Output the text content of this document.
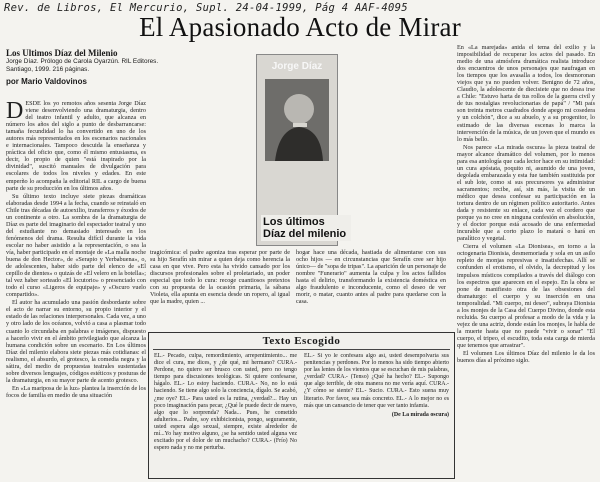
Rev. de Libros, El Mercurio, Supl. 24-04-1999, Pág 4 AAF-4095
El Apasionado Acto de Mirar
Los Ultimos Díaz del Milenio
Jorge Díaz. Prólogo de Carola Oyarzún. RIL Editores.
Santiago, 1999. 216 páginas.
por Mario Valdovinos

DESDE los yo remotos años sesenta Jorge Díaz viene desenvolviendo una dramaturgia, dentro del teatro infantil y adulto, que alcanza en número los años del siglo a punto de desbarrancarse: tamaña fecundidad lo ha convertido en uno de los autores más representados en los escenarios nacionales e internacionales. Tampoco descuida la enseñanza y práctica del oficio que, como él mismo entusiasma, es decir, lo propio de quien "está inspirado por la divinidad", suscitó manuales de divulgación para escolares de todos los niveles y edades. En este emperño lo acompaña la editorial RIL a cargo de buena parte de su producción en los últimos años.

Su último texto incluye siete piezas dramáticas elaboradas desde 1994 a la fecha, cuando se reinstaló en Chile tras décadas de autoexilio, transferros y éxodos de un continente a otro. La sombra de la dramaturgia de Díaz es parte del imaginario del espectador teatral y uno del estudiante no demasiado interesado en los fenómenos del drama. Resulta difícil durante la vida escolar no haber asistido a la representación, o sea la vía, haber participado en el montaje de «La malla noche buena de don Hector», de «Serapio y Yerbabuena», o, de adolescentes, haber sido parte del elenco de «El cepillo de dientes» o quizás de «El velero en la botella»; tal vez haber sorteado «El locutorio» o presenciado con todo el curso «Ligeros de equipaje» y «Oscuro vuelo compartido».

El autor ha acumulado una pasión desbordante sobre el acto de narrar su entorno, su propio interior y el estado de las relaciones interpersonales. Cada vez, a uno y otro lado de los océanos, volvió a casa a plasmar todo cuanto lo circundaba en palabras e imágenes, dispuesto a hacerlo vivir en el ámbito privilegiado que alcanza la humana condición sobre un escenario. En Los últimos Díaz del milenio elabora siete piezas más cotidianas: el realismo, el absurdo, el grotesco, la comedia negra y la sátira, del medio de propuestas teatrales sustentadas sobre diversos lenguajes, códigos estéticos y posturas de la dramaturgia, en su mayor parte de acento grotesco.

En «La mariposa de la luz» plantea la inserción de los focos de familia en medio de una situación

Jorge Díaz
Los últimos Díaz del milenio

tragicómica: el padre agoniza tras esperar por parte de su hijo Serafín sin mirar a quien deja como herencia la casa en que vive. Pero esta ha vivido cansado por los discursos profesionales sobre el proletariado, un poder especial que todo lo cura: recoge cuantiosos pretextos con su propuesta de la ocasión primaria, la sábana Violeta, ella apunta en esencia desde un ropero, al igual que la madre, quien ...

hogar hace una década, hastiada de alimentarse con sus ocho hijos — en circunstancias que Serafín cree ser hijo único— de "sopa de tripas". La aparición de un personaje de nombre "Funerario" aumenta la culpa y los actos fallidos hasta el delirio, transformando la existencia doméstica en algo fraudulento e inconducente, como el deseo de ver morir, o matar, cuanto antes al padre para quedarse con la casa.

En «La marejada» anida el tema del exilio y la imposibilidad de recuperar los actos del pasado. En medio de una atmósfera dramática realista introduce dos encuentros de unos personajes que naufragan en los tiempos que los avasalla a todos, los desmoronan viejos que ya no pueden volver. Benigno de 72 años, Claudio, la adolescente de diecisiete que no desea irse a Chile: "Estuvo harta de tus rollos de la guerra civil y de tus nostalgias revolucionarias de papá" / "Mi país son treinta metros cuadrados donde apego mi cosedera y un colchón", dice a su abuelo, y a su progenitor, lo estimado de las diversas escenas lo marca la intervención de la música, de un joven que el mundo es lo más bello.

Nos parece «La mirada oscura» la pieza teatral de mayor alcance dramático del volumen, por lo menos para esa antología que cada lector hace en su intimidad: un cura apóstata, poquito ni, asumido de una joven, degolada embarazada y esta fue también sustituida por el sub lote, como si sus precursores ya administrar sacramentos; recibe, así, sin más, la visita de un médico que desea confesar su participación en la tortura dentro de un régimen político autoritario. Antes dada y resistente su enlace, cada vez el cordero que porque ya no cree en ninguna confesión en absolución, y el doctor porque está acosado de una enfermedad incurable que a corto plazo lo matará o hará en paralítico y vegetal.

Cierra el volumen «La Dionisea», en torno a la octogenaria Dionisia, desmemoriada y sola en un asilo repleto de monjas represivas e insatisfechas. Allí se confunden el erotismo, el olvido, la decrepitud y los impulsos místicos compilados a través del diálogo con los espectros que aparecen en el espejo. En la obra se pone de manifiesto otra de las obsesiones del dramaturgo: el cuerpo y su inserción en una temporalidad. "Mi cuerpo, mi deseo", subraya Dionisia a los monjes de la Casa del Cuerpo Divino, donde esta recluida. Su cuerpo al profesar a modo de la vida y la vejez de una actriz, donde están los monjes, le habla de la muerte hasta que no puede "vivir o sonar" "El cuerpo, el tripeo, el escudito, toda esta carga de mierda que tenemos que arrastrar".

El volumen Los últimos Díaz del milenio le da los buenos días al próximo siglo.

Texto Escogido

EL.- Pecado, culpa, remordimiento, arrepentimiento... me dice el cura, me dices, y ¿de qué, mi hermano? CURA.- Perdone, no quiero ser brusco con usted, pero no tengo tiempo para discusiones teológicas. Si quiere confesarse, hágalo. EL.- Lo estoy haciendo. CURA.- No, no lo está haciendo. Se tiene algo solo la conciencia, dígalo. Se acabó, ¿me oye? EL.- Para usted es la rutina, ¿verdad?... Hay un poco imaginación para pecar, ¿Qué le puede decir de nuevo, algo que lo sorprenda? Nada... Pues, he cometido adulterios... Padre, soy exhibicionista, pongo, seguramente, usted espera algo sexual, siempre, existe alrededor de mí...Yo hay motivo alguno, ¿se ha sentido usted alguna vez excitado por el dolor de un muchacho? CURA.- (Frío) No espero nada y no me perturba.

EL.- Si yo le confesara algo así, usted desempolvaría sus penitencias y perdones. Por lo menos ha sido tiempo abierto por las lentes de los vientos que se escuchan de mis palabras, ¿verdad? CURA.- (Tenso) ¿Qué ha hecho? EL.- Supongo que algo terrible, de otra manera no me vería aquí. CURA.- ¿Y cómo se siente? EL.- Sucio. CURA.- Esto suena muy literario. Por favor, sea más concreto. EL.- A lo mejor no es más que un cansancio de tener que ver tanto infamia.

(De La mirada oscura)
